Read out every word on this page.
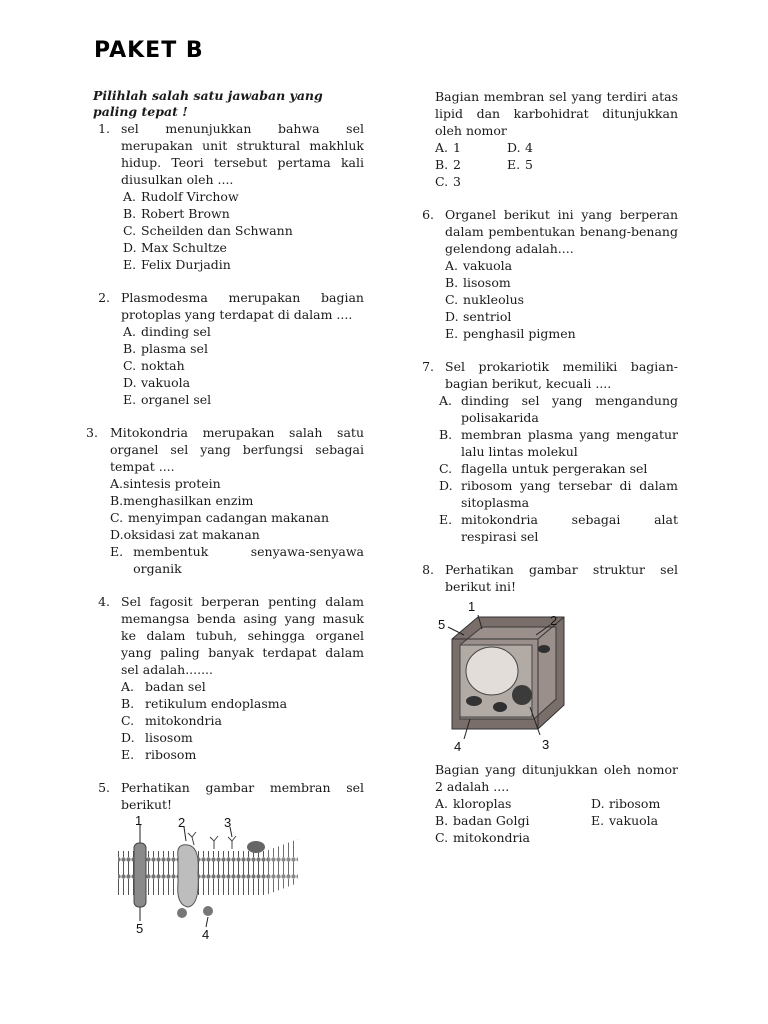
PAKET B
Pilihlah salah satu jawaban yang paling tepat !
1. sel menunjukkan bahwa sel merupakan unit struktural makhluk hidup. Teori tersebut pertama kali diusulkan oleh ....
A. Rudolf Virchow
B. Robert Brown
C. Scheilden dan Schwann
D. Max Schultze
E. Felix Durjadin
2. Plasmodesma merupakan bagian protoplas yang terdapat di dalam ....
A. dinding sel
B. plasma sel
C. noktah
D. vakuola
E. organel sel
3. Mitokondria merupakan salah satu organel sel yang berfungsi sebagai tempat ....
A. sintesis protein
B. menghasilkan enzim
C. menyimpan cadangan makanan
D. oksidasi zat makanan
E. membentuk senyawa-senyawa organik
4. Sel fagosit berperan penting dalam memangsa benda asing yang masuk ke dalam tubuh, sehingga organel yang paling banyak terdapat dalam sel adalah.......
A. badan sel
B. retikulum endoplasma
C. mitokondria
D. lisosom
E. ribosom
5. Perhatikan gambar membran sel berikut!
1	2	3
4
5
Bagian membran sel yang terdiri atas lipid dan karbohidrat ditunjukkan oleh nomor
A. 1	D. 4
B. 2	E. 5
C. 3
6. Organel berikut ini yang berperan dalam pembentukan benang-benang gelendong adalah....
A. vakuola
B. lisosom
C. nukleolus
D. sentriol
E. penghasil pigmen
7. Sel prokariotik memiliki bagian-bagian berikut, kecuali ....
A. dinding sel yang mengandung polisakarida
B. membran plasma yang mengatur lalu lintas molekul
C. flagella untuk pergerakan sel
D. ribosom yang tersebar di dalam sitoplasma
E. mitokondria sebagai alat respirasi sel
8. Perhatikan gambar struktur sel berikut ini!
1
2
3
4
5
Bagian yang ditunjukkan oleh nomor 2 adalah ....
A. kloroplas	D. ribosom
B. badan Golgi	E. vakuola
C. mitokondria
